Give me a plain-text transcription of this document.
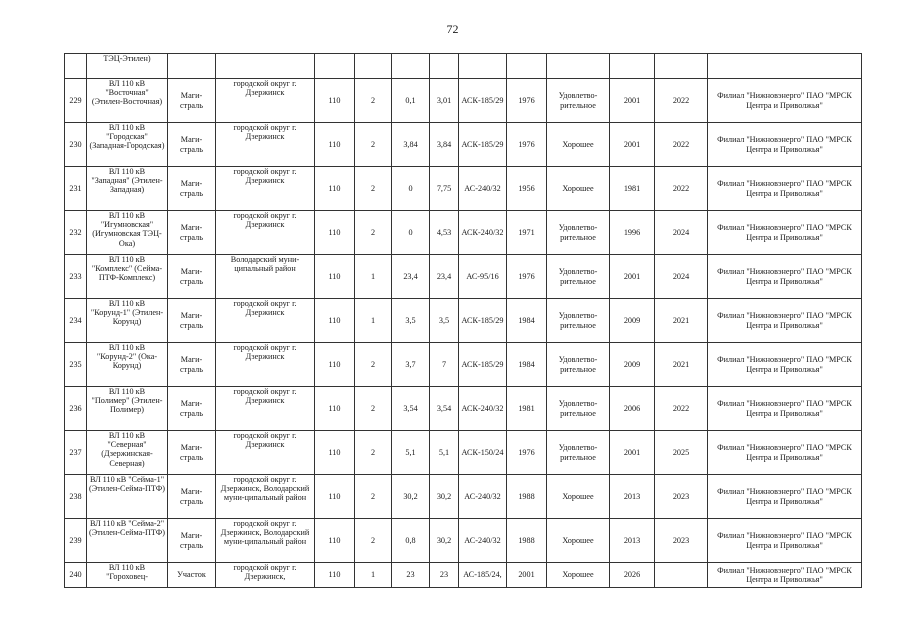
72
	ТЭЦ-Этилен)												
229	ВЛ 110 кВ "Восточная" (Этилен-Восточная)	Маги-страль	городской округ г. Дзержинск	110	2	0,1	3,01	АСК-185/29	1976	Удовлетво-рительное	2001	2022	Филиал "Нижновэнерго" ПАО "МРСК Центра и Приволжья"
230	ВЛ 110 кВ "Городская" (Западная-Городская)	Маги-страль	городской округ г. Дзержинск	110	2	3,84	3,84	АСК-185/29	1976	Хорошее	2001	2022	Филиал "Нижновэнерго" ПАО "МРСК Центра и Приволжья"
231	ВЛ 110 кВ "Западная" (Этилен-Западная)	Маги-страль	городской округ г. Дзержинск	110	2	0	7,75	АС-240/32	1956	Хорошее	1981	2022	Филиал "Нижновэнерго" ПАО "МРСК Центра и Приволжья"
232	ВЛ 110 кВ "Игумновская" (Игумновская ТЭЦ-Ока)	Маги-страль	городской округ г. Дзержинск	110	2	0	4,53	АСК-240/32	1971	Удовлетво-рительное	1996	2024	Филиал "Нижновэнерго" ПАО "МРСК Центра и Приволжья"
233	ВЛ 110 кВ "Комплекс" (Сейма-ПТФ-Комплекс)	Маги-страль	Володарский муни-ципальный район	110	1	23,4	23,4	АС-95/16	1976	Удовлетво-рительное	2001	2024	Филиал "Нижновэнерго" ПАО "МРСК Центра и Приволжья"
234	ВЛ 110 кВ "Корунд-1" (Этилен-Корунд)	Маги-страль	городской округ г. Дзержинск	110	1	3,5	3,5	АСК-185/29	1984	Удовлетво-рительное	2009	2021	Филиал "Нижновэнерго" ПАО "МРСК Центра и Приволжья"
235	ВЛ 110 кВ "Корунд-2" (Ока-Корунд)	Маги-страль	городской округ г. Дзержинск	110	2	3,7	7	АСК-185/29	1984	Удовлетво-рительное	2009	2021	Филиал "Нижновэнерго" ПАО "МРСК Центра и Приволжья"
236	ВЛ 110 кВ "Полимер" (Этилен-Полимер)	Маги-страль	городской округ г. Дзержинск	110	2	3,54	3,54	АСК-240/32	1981	Удовлетво-рительное	2006	2022	Филиал "Нижновэнерго" ПАО "МРСК Центра и Приволжья"
237	ВЛ 110 кВ "Северная" (Дзержинская-Северная)	Маги-страль	городской округ г. Дзержинск	110	2	5,1	5,1	АСК-150/24	1976	Удовлетво-рительное	2001	2025	Филиал "Нижновэнерго" ПАО "МРСК Центра и Приволжья"
238	ВЛ 110 кВ "Сейма-1" (Этилен-Сейма-ПТФ)	Маги-страль	городской округ г. Дзержинск, Володарский муни-ципальный район	110	2	30,2	30,2	АС-240/32	1988	Хорошее	2013	2023	Филиал "Нижновэнерго" ПАО "МРСК Центра и Приволжья"
239	ВЛ 110 кВ "Сейма-2" (Этилен-Сейма-ПТФ)	Маги-страль	городской округ г. Дзержинск, Володарский муни-ципальный район	110	2	0,8	30,2	АС-240/32	1988	Хорошее	2013	2023	Филиал "Нижновэнерго" ПАО "МРСК Центра и Приволжья"
240	ВЛ 110 кВ "Гороховец-	Участок	городской округ г. Дзержинск,	110	1	23	23	АС-185/24,	2001	Хорошее	2026		Филиал "Нижновэнерго" ПАО "МРСК Центра и Приволжья"
